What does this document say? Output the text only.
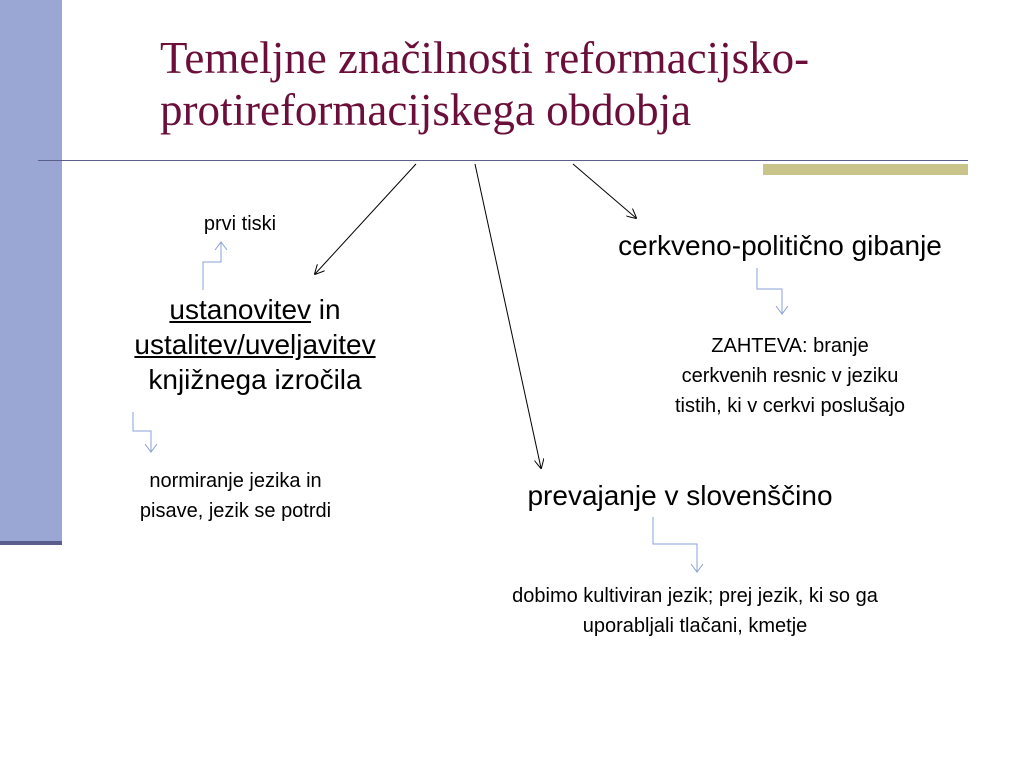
Temeljne značilnosti reformacijsko-
protireformacijskega obdobja
prvi tiski
ustanovitev in
ustalitev/uveljavitev
knjižnega izročila
normiranje jezika in
pisave, jezik se potrdi
cerkveno-politično gibanje
ZAHTEVA: branje
cerkvenih resnic v jeziku
tistih, ki v cerkvi poslušajo
prevajanje v slovenščino
dobimo kultiviran jezik; prej jezik, ki so ga
uporabljali tlačani, kmetje
